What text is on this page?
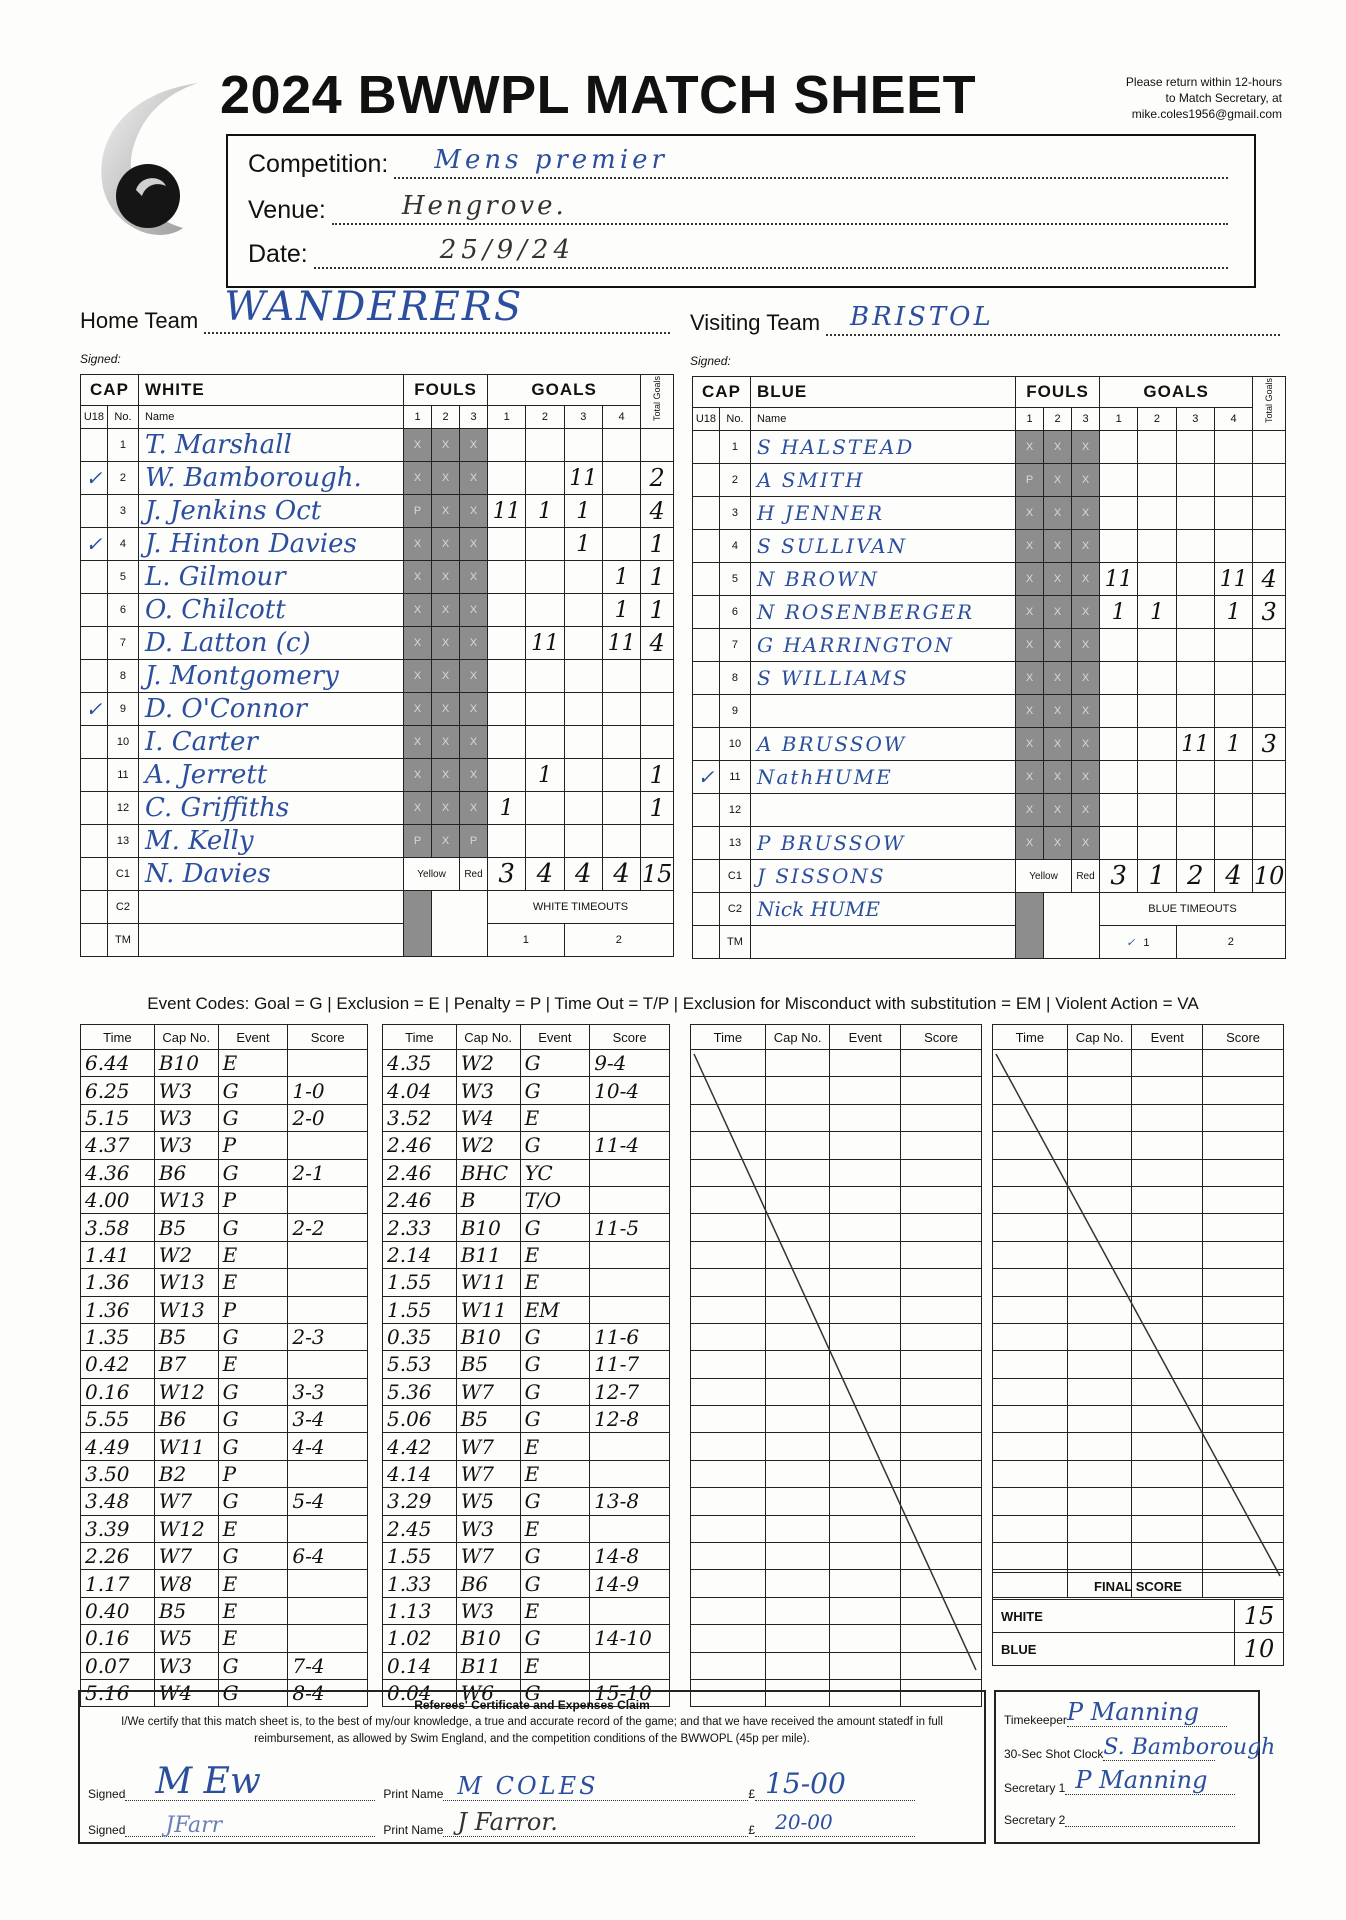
2024 BWWPL MATCH SHEET	Please return within 12-hours
to Match Secretary, at
mike.coles1956@gmail.com
Competition: Mens premier
Venue:	Hengrove.
Date:	25/9/24
Home Team WANDERERS
Signed:
Visiting Team BRISTOL
Signed:
CAP		WHITE	FOULS			GOALS				Total Goals
U18	No.	Name	1	2	3	1	2	3	4	
	1	T. Marshall	X	X	X					
✓	2	W. Bamborough.	X	X	X			11		2
	3	J. Jenkins Oct	P	X	X	11	1	1		4
✓	4	J. Hinton Davies	X	X	X			1		1
	5	L. Gilmour	X	X	X				1	1
	6	O. Chilcott	X	X	X				1	1
	7	D. Latton (c)	X	X	X		11		11	4
	8	J. Montgomery	X	X	X					
✓	9	D. O'Connor	X	X	X					
	10	I. Carter	X	X	X					
	11	A. Jerrett	X	X	X		1			1
	12	C. Griffiths	X	X	X	1				1
	13	M. Kelly	P	X	P					
	C1	N. Davies	Yellow		Red	3	4	4	4	15
	C2					WHITE TIMEOUTS				
	TM					1		2		
CAP		BLUE	FOULS			GOALS				Total Goals
U18	No.	Name	1	2	3	1	2	3	4	
	1	S HALSTEAD	X	X	X					
	2	A SMITH	P	X	X					
	3	H JENNER	X	X	X					
	4	S SULLIVAN	X	X	X					
	5	N BROWN	X	X	X	11			11	4
	6	N ROSENBERGER	X	X	X	1	1		1	3
	7	G HARRINGTON	X	X	X					
	8	S WILLIAMS	X	X	X					
	9		X	X	X					
	10	A BRUSSOW	X	X	X			11	1	3
✓	11	NathHUME	X	X	X					
	12		X	X	X					
	13	P BRUSSOW	X	X	X					
	C1	J SISSONS	Yellow		Red	3	1	2	4	10
	C2	Nick HUME				BLUE TIMEOUTS				
	TM					✓ 1		2		
Event Codes: Goal = G | Exclusion = E | Penalty = P | Time Out = T/P | Exclusion for Misconduct with substitution = EM | Violent Action = VA
Time	Cap No.	Event	Score
6.44	B10	E	
6.25	W3	G	1-0
5.15	W3	G	2-0
4.37	W3	P	
4.36	B6	G	2-1
4.00	W13	P	
3.58	B5	G	2-2
1.41	W2	E	
1.36	W13	E	
1.36	W13	P	
1.35	B5	G	2-3
0.42	B7	E	
0.16	W12	G	3-3
5.55	B6	G	3-4
4.49	W11	G	4-4
3.50	B2	P	
3.48	W7	G	5-4
3.39	W12	E	
2.26	W7	G	6-4
1.17	W8	E	
0.40	B5	E	
0.16	W5	E	
0.07	W3	G	7-4
5.16	W4	G	8-4
Time	Cap No.	Event	Score
4.35	W2	G	9-4
4.04	W3	G	10-4
3.52	W4	E	
2.46	W2	G	11-4
2.46	BHC	YC	
2.46	B	T/O	
2.33	B10	G	11-5
2.14	B11	E	
1.55	W11	E	
1.55	W11	EM	
0.35	B10	G	11-6
5.53	B5	G	11-7
5.36	W7	G	12-7
5.06	B5	G	12-8
4.42	W7	E	
4.14	W7	E	
3.29	W5	G	13-8
2.45	W3	E	
1.55	W7	G	14-8
1.33	B6	G	14-9
1.13	W3	E	
1.02	B10	G	14-10
0.14	B11	E	
0.04	W6	G	15-10
Time	Cap No.	Event	Score

				Time	Cap No.	Event	Score

FINAL SCORE	
WHITE	15
BLUE	10
Referees' Certificate and Expenses Claim
I/We certify that this match sheet is, to the best of my/our knowledge, a true and accurate record of the game; and that we have received the amount statedf in full reimbursement, as allowed by Swim England, and the competition conditions of the BWWOPL (45p per mile).
Signed M Ew	Print Name M COLES	£ 15-00
Signed JFarr	Print Name J Farror.	£ 20-00
Timekeeper P Manning
30-Sec Shot Clock S. Bamborough
Secretary 1 P Manning
Secretary 2
